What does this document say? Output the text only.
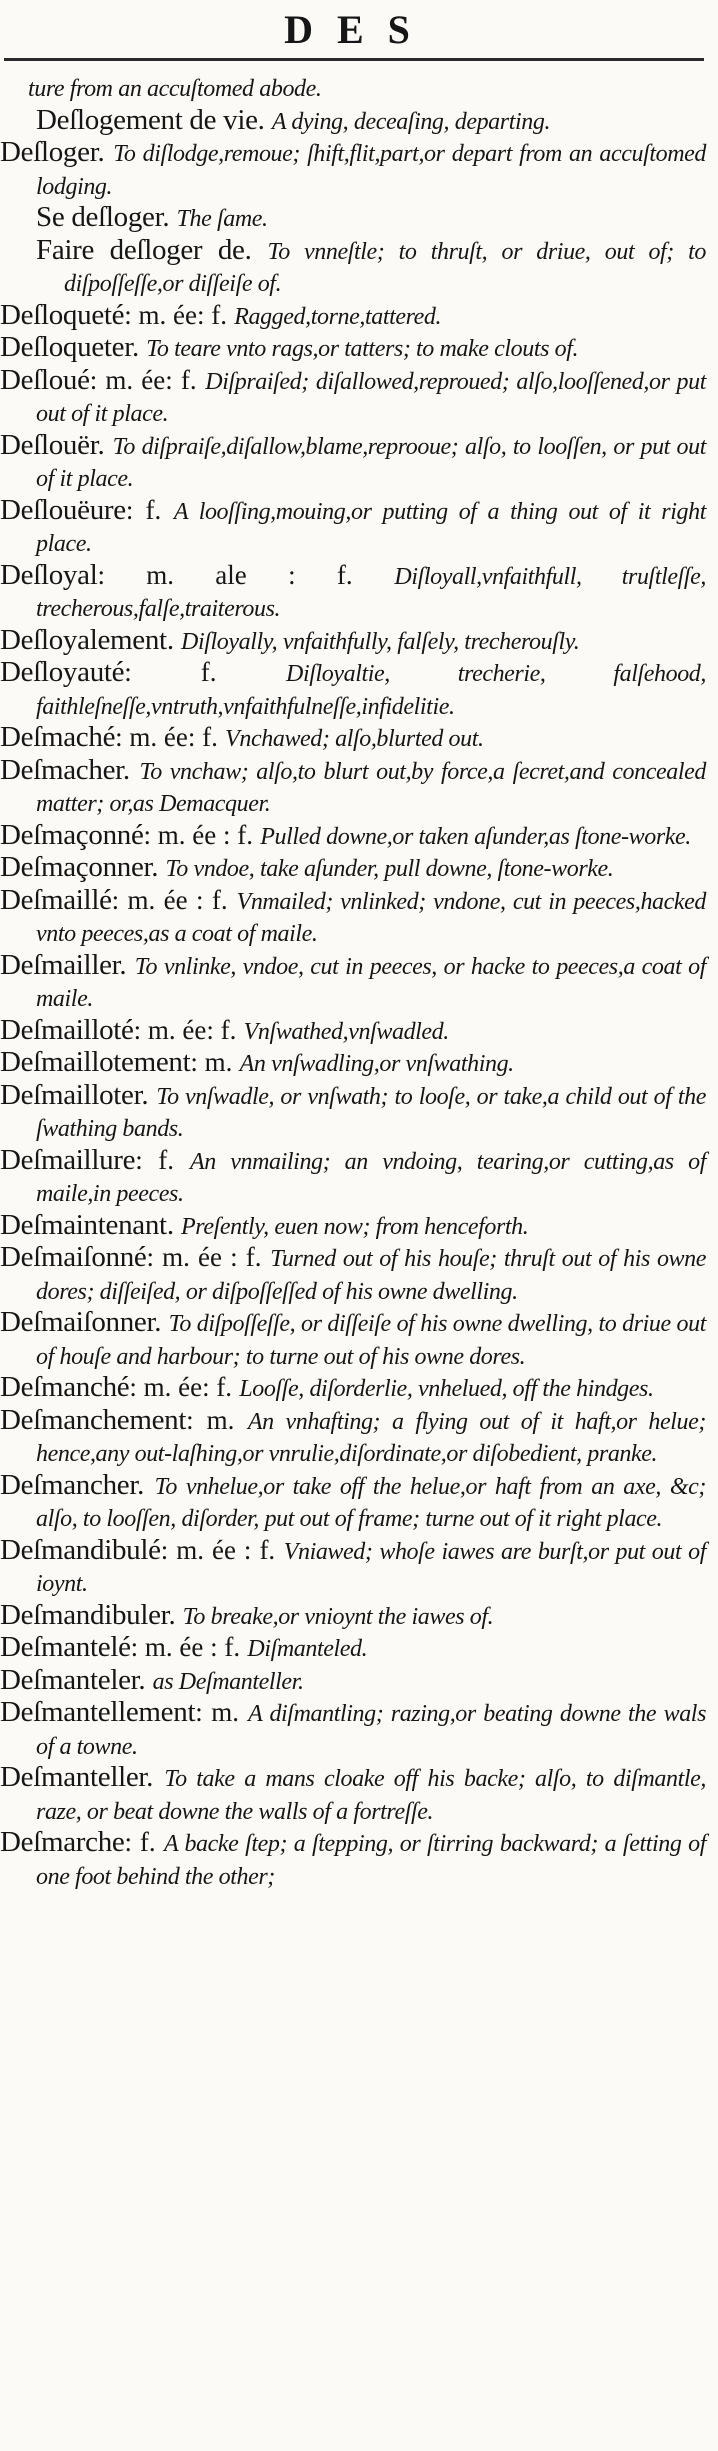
DES

ture from an accuſtomed abode.

Deſlogement de vie. A dying, deceaſing, departing.

Deſloger. To diſlodge,remoue; ſhift,flit,part,or depart from an accuſtomed lodging.

Se deſloger. The ſame.

Faire deſloger de. To vnneſtle; to thruſt, or driue, out of; to diſpoſſeſſe,or diſſeiſe of.

Deſloqueté: m. ée: f. Ragged,torne,tattered.

Deſloqueter. To teare vnto rags,or tatters; to make clouts of.

Deſloué: m. ée: f. Diſpraiſed; diſallowed,reproued; alſo,looſſened,or put out of it place.

Deſlouër. To diſpraiſe,diſallow,blame,reprooue; alſo, to looſſen, or put out of it place.

Deſlouëure: f. A looſſing,mouing,or putting of a thing out of it right place.

Deſloyal: m. ale : f. Diſloyall,vnfaithfull, truſtleſſe, trecherous,falſe,traiterous.

Deſloyalement. Diſloyally, vnfaithfully, falſely, trecherouſly.

Deſloyauté: f.	Diſloyaltie, trecherie, falſehood, faithleſneſſe,vntruth,vnfaithfulneſſe,infidelitie.

Deſmaché: m. ée: f. Vnchawed; alſo,blurted out.

Deſmacher. To vnchaw; alſo,to blurt out,by force,a ſecret,and concealed matter; or,as Demacquer.

Deſmaçonné: m. ée : f. Pulled downe,or taken aſunder,as ſtone-worke.

Deſmaçonner. To vndoe, take aſunder, pull downe, ſtone-worke.

Deſmaillé: m. ée : f. Vnmailed; vnlinked; vndone, cut in peeces,hacked vnto peeces,as a coat of maile.

Deſmailler. To vnlinke, vndoe, cut in peeces, or hacke to peeces,a coat of maile.

Deſmailloté: m. ée: f. Vnſwathed,vnſwadled.

Deſmaillotement: m. An vnſwadling,or vnſwathing.

Deſmailloter. To vnſwadle, or vnſwath; to looſe, or take,a child out of the ſwathing bands.

Deſmaillure: f. An vnmailing; an vndoing, tearing,or cutting,as of maile,in peeces.

Deſmaintenant. Preſently, euen now; from henceforth.

Deſmaiſonné: m. ée : f. Turned out of his houſe; thruſt out of his owne dores; diſſeiſed, or diſpoſſeſſed of his owne dwelling.

Deſmaiſonner. To diſpoſſeſſe, or diſſeiſe of his owne dwelling, to driue out of houſe and harbour; to turne out of his owne dores.

Deſmanché: m. ée: f. Looſſe, diſorderlie, vnhelued, off the hindges.

Deſmanchement: m. An vnhafting; a flying out of it haft,or helue; hence,any out-laſhing,or vnrulie,diſordinate,or diſobedient, pranke.

Deſmancher. To vnhelue,or take off the helue,or haft from an axe, &c; alſo, to looſſen, diſorder, put out of frame; turne out of it right place.

Deſmandibulé: m. ée : f. Vniawed; whoſe iawes are burſt,or put out of ioynt.

Deſmandibuler. To breake,or vnioynt the iawes of.

Deſmantelé: m. ée : f. Diſmanteled.

Deſmanteler. as Deſmanteller.

Deſmantellement: m. A diſmantling; razing,or beating downe the wals of a towne.

Deſmanteller. To take a mans cloake off his backe; alſo, to diſmantle, raze, or beat downe the walls of a fortreſſe.

Deſmarche: f. A backe ſtep; a ſtepping, or ſtirring backward; a ſetting of one foot behind the other;
